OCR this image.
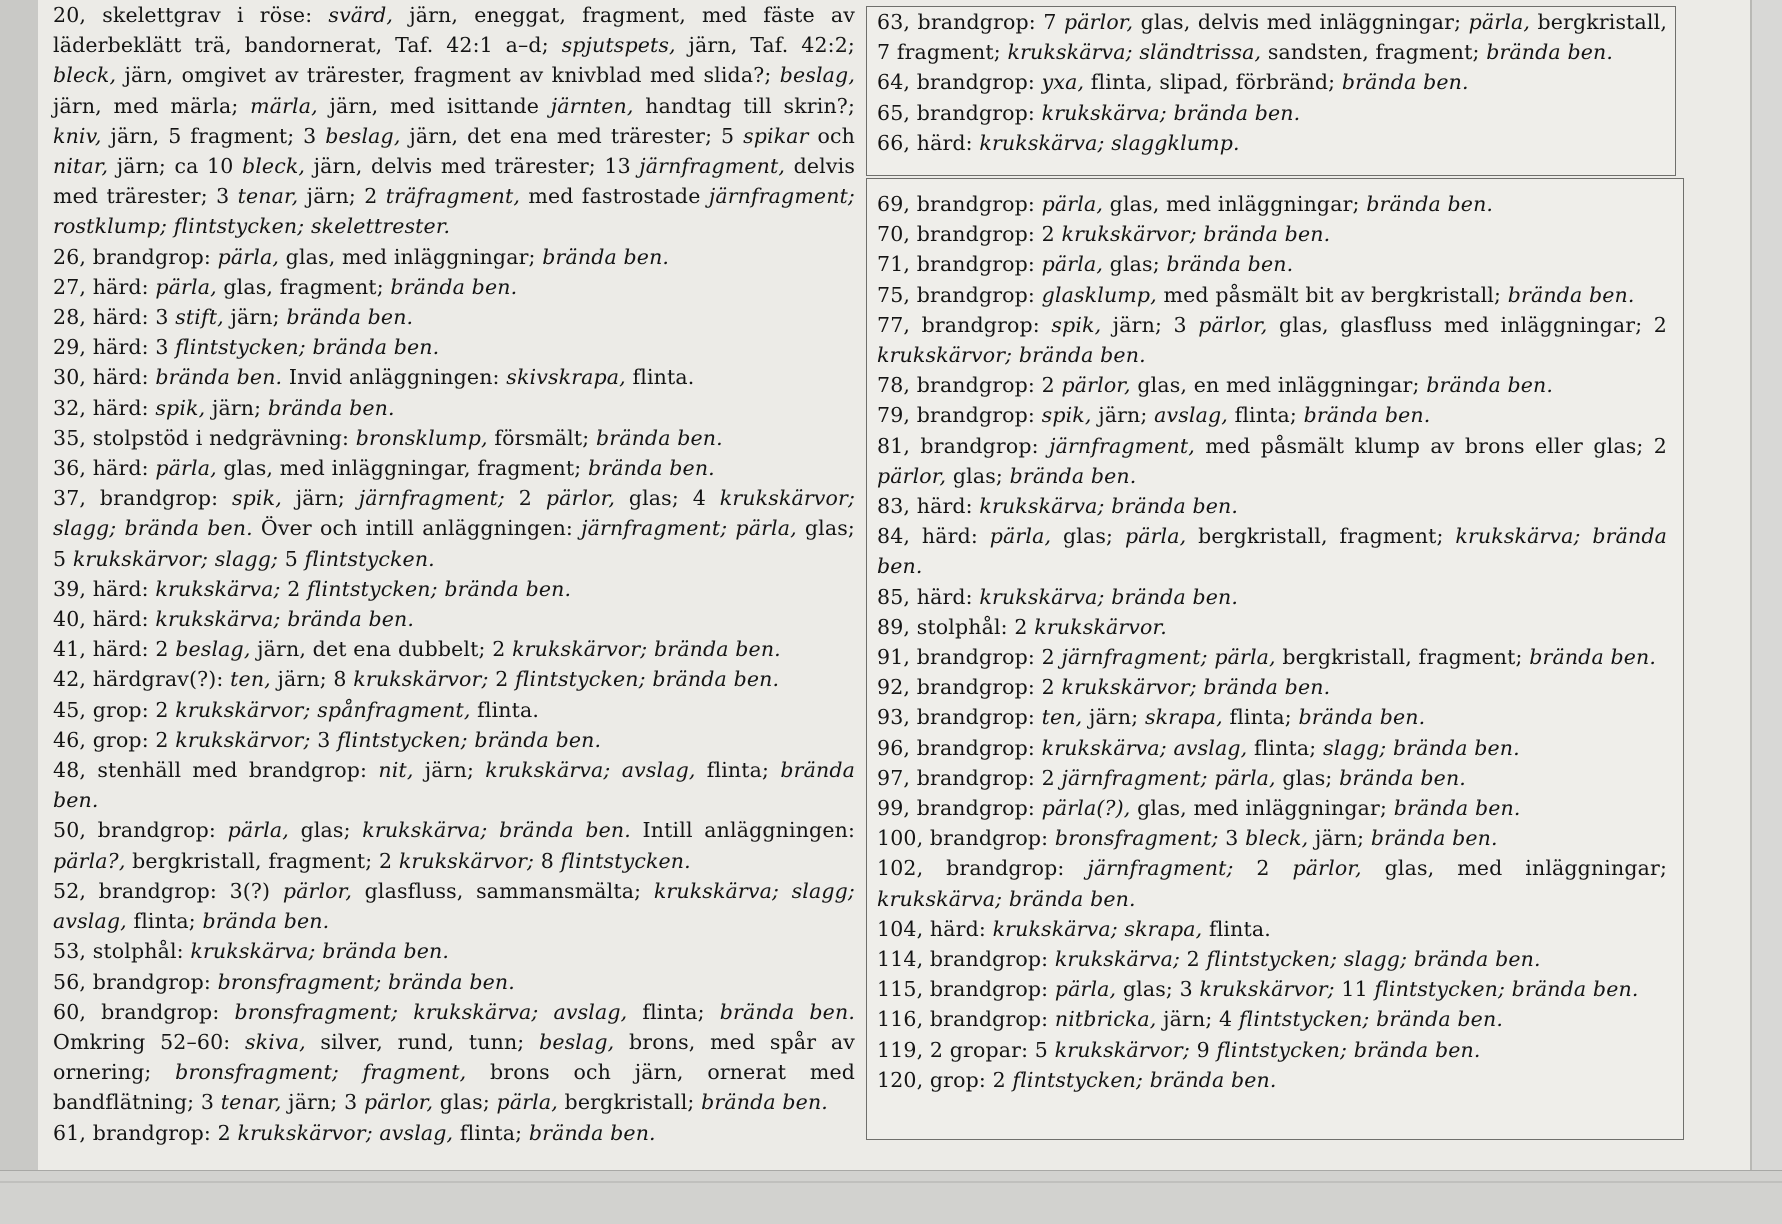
20, skelettgrav i röse: svärd, järn, eneggat, fragment, med fäste av läderbeklätt trä, bandornerat, Taf. 42:1 a–d; spjutspets, järn, Taf. 42:2; bleck, järn, omgivet av trärester, fragment av knivblad med slida?; beslag, järn, med märla; märla, järn, med isittande järnten, handtag till skrin?; kniv, järn, 5 fragment; 3 beslag, järn, det ena med trärester; 5 spikar och nitar, järn; ca 10 bleck, järn, delvis med trärester; 13 järnfragment, delvis med trärester; 3 tenar, järn; 2 träfragment, med fastrostade järnfragment; rostklump; flintstycken; skelettrester.
26, brandgrop: pärla, glas, med inläggningar; brända ben.
27, härd: pärla, glas, fragment; brända ben.
28, härd: 3 stift, järn; brända ben.
29, härd: 3 flintstycken; brända ben.
30, härd: brända ben. Invid anläggningen: skivskrapa, flinta.
32, härd: spik, järn; brända ben.
35, stolpstöd i nedgrävning: bronsklump, försmält; brända ben.
36, härd: pärla, glas, med inläggningar, fragment; brända ben.
37, brandgrop: spik, järn; järnfragment; 2 pärlor, glas; 4 krukskärvor; slagg; brända ben. Över och intill anläggningen: järnfragment; pärla, glas; 5 krukskärvor; slagg; 5 flintstycken.
39, härd: krukskärva; 2 flintstycken; brända ben.
40, härd: krukskärva; brända ben.
41, härd: 2 beslag, järn, det ena dubbelt; 2 krukskärvor; brända ben.
42, härdgrav(?): ten, järn; 8 krukskärvor; 2 flintstycken; brända ben.
45, grop: 2 krukskärvor; spånfragment, flinta.
46, grop: 2 krukskärvor; 3 flintstycken; brända ben.
48, stenhäll med brandgrop: nit, järn; krukskärva; avslag, flinta; brända ben.
50, brandgrop: pärla, glas; krukskärva; brända ben. Intill anläggningen: pärla?, bergkristall, fragment; 2 krukskärvor; 8 flintstycken.
52, brandgrop: 3(?) pärlor, glasfluss, sammansmälta; krukskärva; slagg; avslag, flinta; brända ben.
53, stolphål: krukskärva; brända ben.
56, brandgrop: bronsfragment; brända ben.
60, brandgrop: bronsfragment; krukskärva; avslag, flinta; brända ben. Omkring 52–60: skiva, silver, rund, tunn; beslag, brons, med spår av ornering; bronsfragment; fragment, brons och järn, ornerat med bandflätning; 3 tenar, järn; 3 pärlor, glas; pärla, bergkristall; brända ben.
61, brandgrop: 2 krukskärvor; avslag, flinta; brända ben.
63, brandgrop: 7 pärlor, glas, delvis med inläggningar; pärla, bergkristall, 7 fragment; krukskärva; sländtrissa, sandsten, fragment; brända ben.
64, brandgrop: yxa, flinta, slipad, förbränd; brända ben.
65, brandgrop: krukskärva; brända ben.
66, härd: krukskärva; slaggklump.
69, brandgrop: pärla, glas, med inläggningar; brända ben.
70, brandgrop: 2 krukskärvor; brända ben.
71, brandgrop: pärla, glas; brända ben.
75, brandgrop: glasklump, med påsmält bit av bergkristall; brända ben.
77, brandgrop: spik, järn; 3 pärlor, glas, glasfluss med inläggningar; 2 krukskärvor; brända ben.
78, brandgrop: 2 pärlor, glas, en med inläggningar; brända ben.
79, brandgrop: spik, järn; avslag, flinta; brända ben.
81, brandgrop: järnfragment, med påsmält klump av brons eller glas; 2 pärlor, glas; brända ben.
83, härd: krukskärva; brända ben.
84, härd: pärla, glas; pärla, bergkristall, fragment; krukskärva; brända ben.
85, härd: krukskärva; brända ben.
89, stolphål: 2 krukskärvor.
91, brandgrop: 2 järnfragment; pärla, bergkristall, fragment; brända ben.
92, brandgrop: 2 krukskärvor; brända ben.
93, brandgrop: ten, järn; skrapa, flinta; brända ben.
96, brandgrop: krukskärva; avslag, flinta; slagg; brända ben.
97, brandgrop: 2 järnfragment; pärla, glas; brända ben.
99, brandgrop: pärla(?), glas, med inläggningar; brända ben.
100, brandgrop: bronsfragment; 3 bleck, järn; brända ben.
102, brandgrop: järnfragment; 2 pärlor, glas, med inläggningar; krukskärva; brända ben.
104, härd: krukskärva; skrapa, flinta.
114, brandgrop: krukskärva; 2 flintstycken; slagg; brända ben.
115, brandgrop: pärla, glas; 3 krukskärvor; 11 flintstycken; brända ben.
116, brandgrop: nitbricka, järn; 4 flintstycken; brända ben.
119, 2 gropar: 5 krukskärvor; 9 flintstycken; brända ben.
120, grop: 2 flintstycken; brända ben.
